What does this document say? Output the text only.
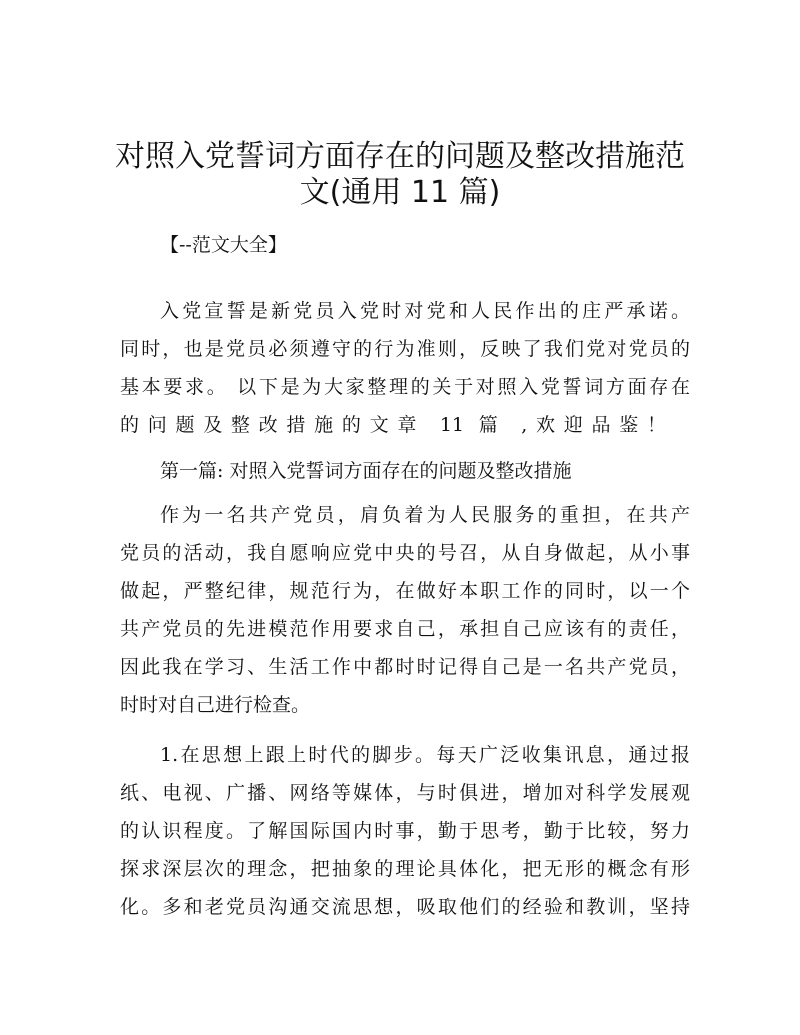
对照入党誓词方面存在的问题及整改措施范
文(通用 11 篇)

【--范文大全】

入党宣誓是新党员入党时对党和人民作出的庄严承诺。

同时，也是党员必须遵守的行为准则，反映了我们党对党员的

基本要求。 以下是为大家整理的关于对照入党誓词方面存在

的问题及整改措施的文章 11 篇 ,欢迎品鉴！

第一篇: 对照入党誓词方面存在的问题及整改措施

作为一名共产党员，肩负着为人民服务的重担，在共产

党员的活动，我自愿响应党中央的号召，从自身做起，从小事

做起，严整纪律，规范行为，在做好本职工作的同时，以一个

共产党员的先进模范作用要求自己，承担自己应该有的责任，

因此我在学习、生活工作中都时时记得自己是一名共产党员，

时时对自己进行检查。

1.在思想上跟上时代的脚步。每天广泛收集讯息，通过报

纸、电视、广播、网络等媒体，与时俱进，增加对科学发展观

的认识程度。了解国际国内时事，勤于思考，勤于比较，努力

探求深层次的理念，把抽象的理论具体化，把无形的概念有形

化。多和老党员沟通交流思想，吸取他们的经验和教训，坚持
